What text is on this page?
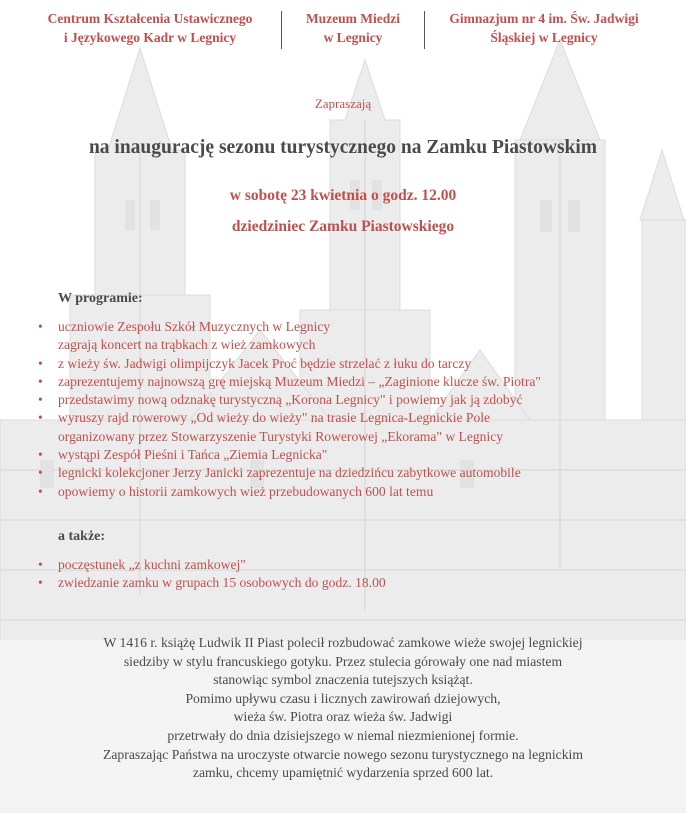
Centrum Kształcenia Ustawicznego
i Językowego Kadr w Legnicy
Muzeum Miedzi
w Legnicy
Gimnazjum nr 4 im. Św. Jadwigi
Śląskiej w Legnicy
Zapraszają
na inaugurację sezonu turystycznego na Zamku Piastowskim
w sobotę 23 kwietnia o godz. 12.00
dziedziniec Zamku Piastowskiego
W programie:
• uczniowie Zespołu Szkół Muzycznych w Legnicy
zagrają koncert na trąbkach z wież zamkowych
• z wieży św. Jadwigi olimpijczyk Jacek Proć będzie strzelać z łuku do tarczy
• zaprezentujemy najnowszą grę miejską Muzeum Miedzi – „Zaginione klucze św. Piotra"
• przedstawimy nową odznakę turystyczną „Korona Legnicy" i powiemy jak ją zdobyć
• wyruszy rajd rowerowy „Od wieży do wieży" na trasie Legnica-Legnickie Pole
organizowany przez Stowarzyszenie Turystyki Rowerowej „Ekorama" w Legnicy
• wystąpi Zespół Pieśni i Tańca „Ziemia Legnicka"
• legnicki kolekcjoner Jerzy Janicki zaprezentuje na dziedzińcu zabytkowe automobile
• opowiemy o historii zamkowych wież przebudowanych 600 lat temu
a także:
• poczęstunek „z kuchni zamkowej"
• zwiedzanie zamku w grupach 15 osobowych do godz. 18.00
W 1416 r. książę Ludwik II Piast polecił rozbudować zamkowe wieże swojej legnickiej
siedziby w stylu francuskiego gotyku. Przez stulecia górowały one nad miastem
stanowiąc symbol znaczenia tutejszych książąt.
Pomimo upływu czasu i licznych zawirowań dziejowych,
wieża św. Piotra oraz wieża św. Jadwigi
przetrwały do dnia dzisiejszego w niemal niezmienionej formie.
Zapraszając Państwa na uroczyste otwarcie nowego sezonu turystycznego na legnickim
zamku, chcemy upamiętnić wydarzenia sprzed 600 lat.
